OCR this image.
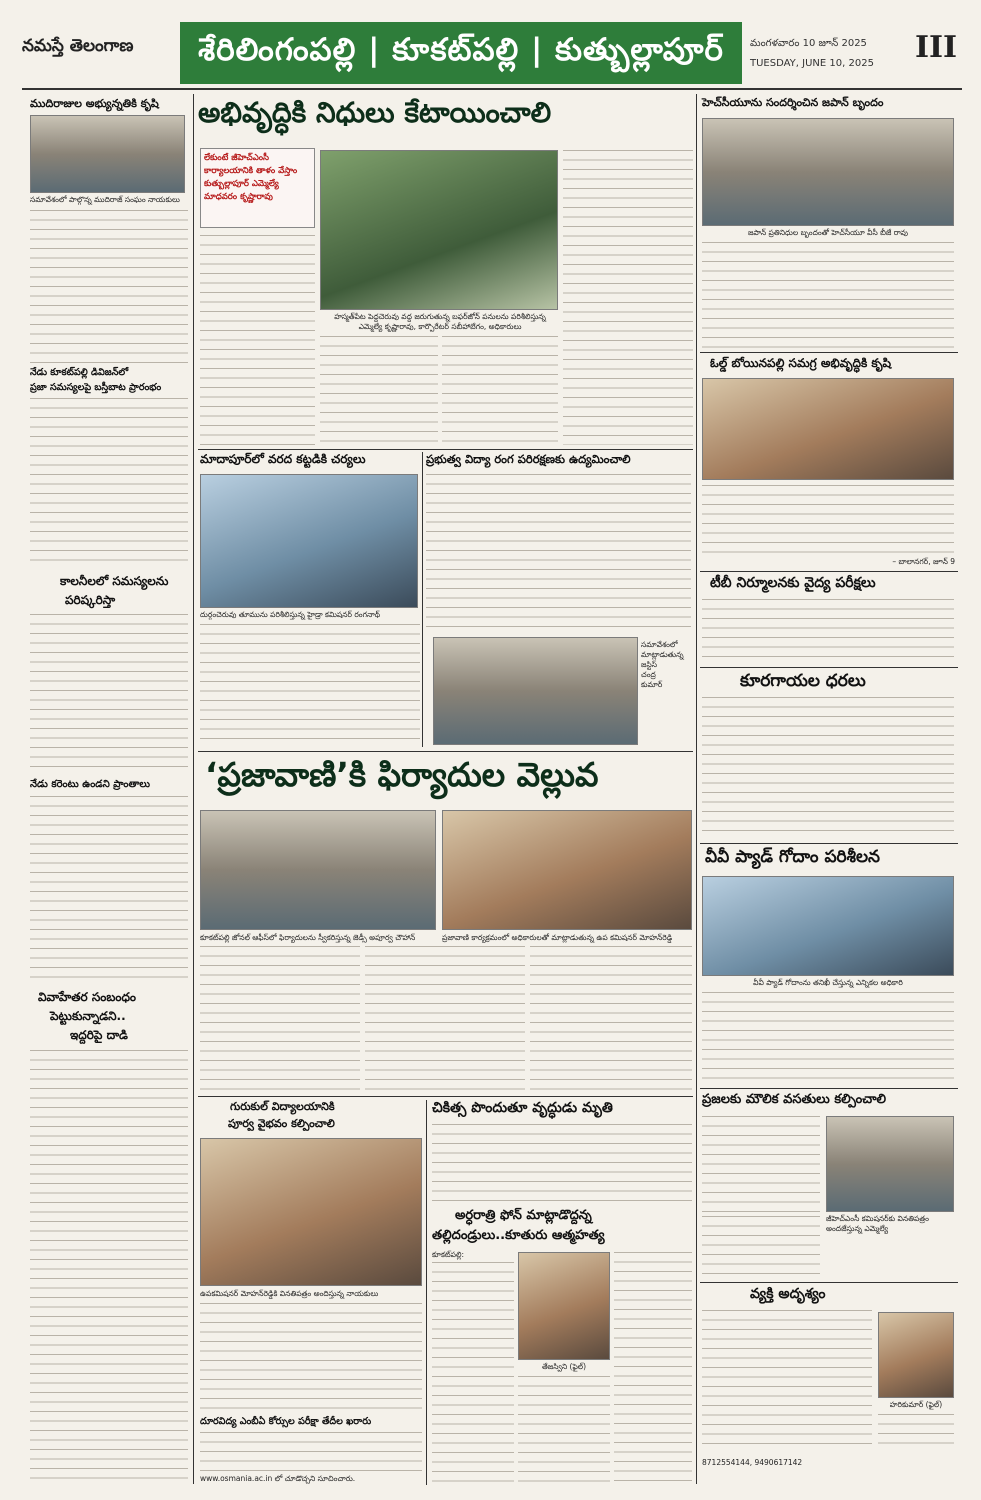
నమస్తే తెలంగాణ	శేరిలింగంపల్లి | కూకట్‌పల్లి | కుత్బుల్లాపూర్	మంగళవారం 10 జూన్ 2025
TUESDAY, JUNE 10, 2025	III
ముదిరాజుల అభ్యున్నతికి కృషి
సమావేశంలో పాల్గొన్న ముదిరాజ్ సంఘం నాయకులు
నేడు కూకట్‌పల్లి డివిజన్‌లో
ప్రజా సమస్యలపై బస్తీబాట ప్రారంభం
కాలనీలలో సమస్యలను
పరిష్కరిస్తా
నేడు కరెంటు ఉండని ప్రాంతాలు
వివాహేతర సంబంధం
పెట్టుకున్నాడని..
ఇద్దరిపై దాడి
అభివృద్ధికి నిధులు కేటాయించాలి
లేకుంటే జీహెచ్‌ఎంసీ
కార్యాలయానికి తాళం వేస్తాం
కుత్బుల్లాపూర్ ఎమ్మెల్యే
మాధవరం కృష్ణారావు
హస్మత్‌పేట పెద్దచెరువు వద్ద జరుగుతున్న బఫర్‌జోన్ పనులను పరిశీలిస్తున్న
ఎమ్మెల్యే కృష్ణారావు, కార్పొరేటర్ సబీహాబేగం, అధికారులు
మాదాపూర్‌లో వరద కట్టడికి చర్యలు
దుర్గంచెరువు తూమును పరిశీలిస్తున్న హైడ్రా కమిషనర్ రంగనాథ్
ప్రభుత్వ విద్యా రంగ పరిరక్షణకు ఉద్యమించాలి
సమావేశంలో
మాట్లాడుతున్న
జస్టిస్
చంద్ర
కుమార్
‘ప్రజావాణి’కి ఫిర్యాదుల వెల్లువ
కూకట్‌పల్లి జోనల్ ఆఫీస్‌లో ఫిర్యాదులను స్వీకరిస్తున్న జెడ్సీ అపూర్వ చౌహాన్	ప్రజావాణి కార్యక్రమంలో అధికారులతో మాట్లాడుతున్న ఉప కమిషనర్ మోహన్‌రెడ్డి
గురుకుల్ విద్యాలయానికి
పూర్వ వైభవం కల్పించాలి
ఉపకమిషనర్ మోహన్‌రెడ్డికి వినతిపత్రం అందిస్తున్న నాయకులు
దూరవిద్య ఎంబీఏ కోర్సుల పరీక్షా తేదీల ఖరారు
www.osmania.ac.in లో చూడొచ్చని సూచించారు.
చికిత్స పొందుతూ వృద్ధుడు మృతి
అర్ధరాత్రి ఫోన్ మాట్లాడొద్దన్న
తల్లిదండ్రులు..కూతురు ఆత్మహత్య
కూకట్‌పల్లి:
తేజస్విని (ఫైల్)
హెచ్‌సీయూను సందర్శించిన జపాన్ బృందం
జపాన్ ప్రతినిధుల బృందంతో హెచ్‌సీయూ వీసీ బీజే రావు
ఓల్డ్ బోయినపల్లి సమగ్ర అభివృద్ధికి కృషి
– బాలానగర్, జూన్ 9
టీబీ నిర్మూలనకు వైద్య పరీక్షలు
కూరగాయల ధరలు
వీవీ ప్యాడ్ గోదాం పరిశీలన
వీవీ ప్యాడ్ గోదాంను తనిఖీ చేస్తున్న ఎన్నికల అధికారి
ప్రజలకు మౌలిక వసతులు కల్పించాలి
జీహెచ్‌ఎంసీ కమిషనర్‌కు వినతిపత్రం అందజేస్తున్న ఎమ్మెల్యే
వ్యక్తి అదృశ్యం
హరికుమార్ (ఫైల్)
8712554144, 9490617142
